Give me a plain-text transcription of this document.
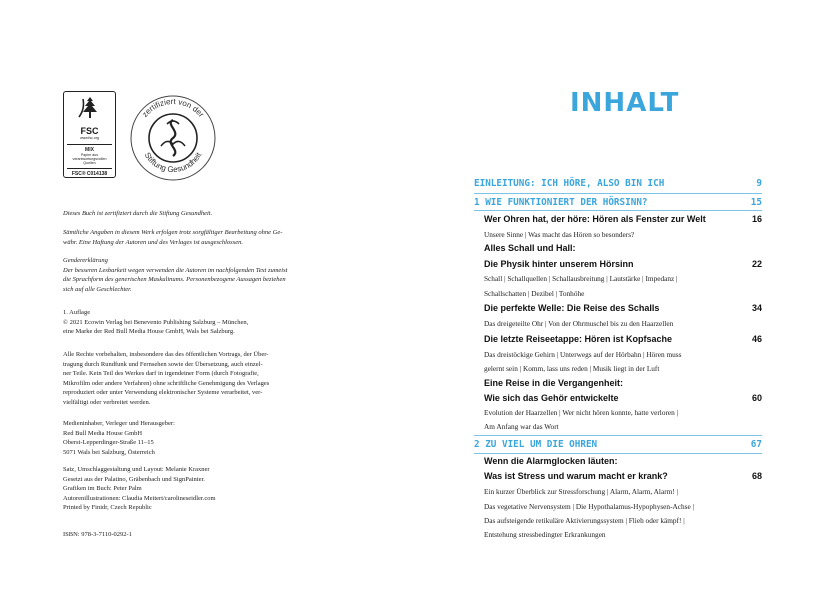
FSC
www.fsc.org
MIX
Papier aus verantwortungsvollen Quellen
FSC® C014138
zertifiziert von der
Stiftung Gesundheit

Dieses Buch ist zertifiziert durch die Stiftung Gesundheit.

Sämtliche Angaben in diesem Werk erfolgen trotz sorgfältiger Bearbeitung ohne Ge-

währ. Eine Haftung der Autoren und des Verlages ist ausgeschlossen.

Gendererklärung

Der besseren Lesbarkeit wegen verwenden die Autoren im nachfolgenden Text zumeist

die Sprachform des generischen Maskulinums. Personenbezogene Aussagen beziehen

sich auf alle Geschlechter.

1. Auflage

© 2021 Ecowin Verlag bei Benevento Publishing Salzburg – München,

eine Marke der Red Bull Media House GmbH, Wals bei Salzburg.

Alle Rechte vorbehalten, insbesondere das des öffentlichen Vortrags, der Über-

tragung durch Rundfunk und Fernsehen sowie der Übersetzung, auch einzel-

ner Teile. Kein Teil des Werkes darf in irgendeiner Form (durch Fotografie,

Mikrofilm oder andere Verfahren) ohne schriftliche Genehmigung des Verlages

reproduziert oder unter Verwendung elektronischer Systeme verarbeitet, ver-

vielfältigt oder verbreitet werden.

Medieninhaber, Verleger und Herausgeber:

Red Bull Media House GmbH

Oberst-Lepperdinger-Straße 11–15

5071 Wals bei Salzburg, Österreich

Satz, Umschlaggestaltung und Layout: Melanie Kraxner

Gesetzt aus der Palatino, Gräbenbach und SignPainter.

Grafiken im Buch: Peter Palm

Autorenillustrationen: Claudia Meitert/carolineseidler.com

Printed by Finidr, Czech Republic

ISBN: 978-3-7110-0292-1

INHALT
EINLEITUNG: ICH HÖRE, ALSO BIN ICH	9
1 WIE FUNKTIONIERT DER HÖRSINN?	15
Wer Ohren hat, der höre: Hören als Fenster zur Welt	16
Unsere Sinne | Was macht das Hören so besonders?
Alles Schall und Hall:
Die Physik hinter unserem Hörsinn	22
Schall | Schallquellen | Schallausbreitung | Lautstärke | Impedanz |
Schallschatten | Dezibel | Tonhöhe
Die perfekte Welle: Die Reise des Schalls	34
Das dreigeteilte Ohr | Von der Ohrmuschel bis zu den Haarzellen
Die letzte Reiseetappe: Hören ist Kopfsache	46
Das dreistöckige Gehirn | Unterwegs auf der Hörbahn | Hören muss
gelernt sein | Komm, lass uns reden | Musik liegt in der Luft
Eine Reise in die Vergangenheit:
Wie sich das Gehör entwickelte	60
Evolution der Haarzellen | Wer nicht hören konnte, hatte verloren |
Am Anfang war das Wort
2 ZU VIEL UM DIE OHREN	67
Wenn die Alarmglocken läuten:
Was ist Stress und warum macht er krank?	68
Ein kurzer Überblick zur Stressforschung | Alarm, Alarm, Alarm! |
Das vegetative Nervensystem | Die Hypothalamus-Hypophysen-Achse |
Das aufsteigende retikuläre Aktivierungssystem | Flieh oder kämpf! |
Entstehung stressbedingter Erkrankungen
